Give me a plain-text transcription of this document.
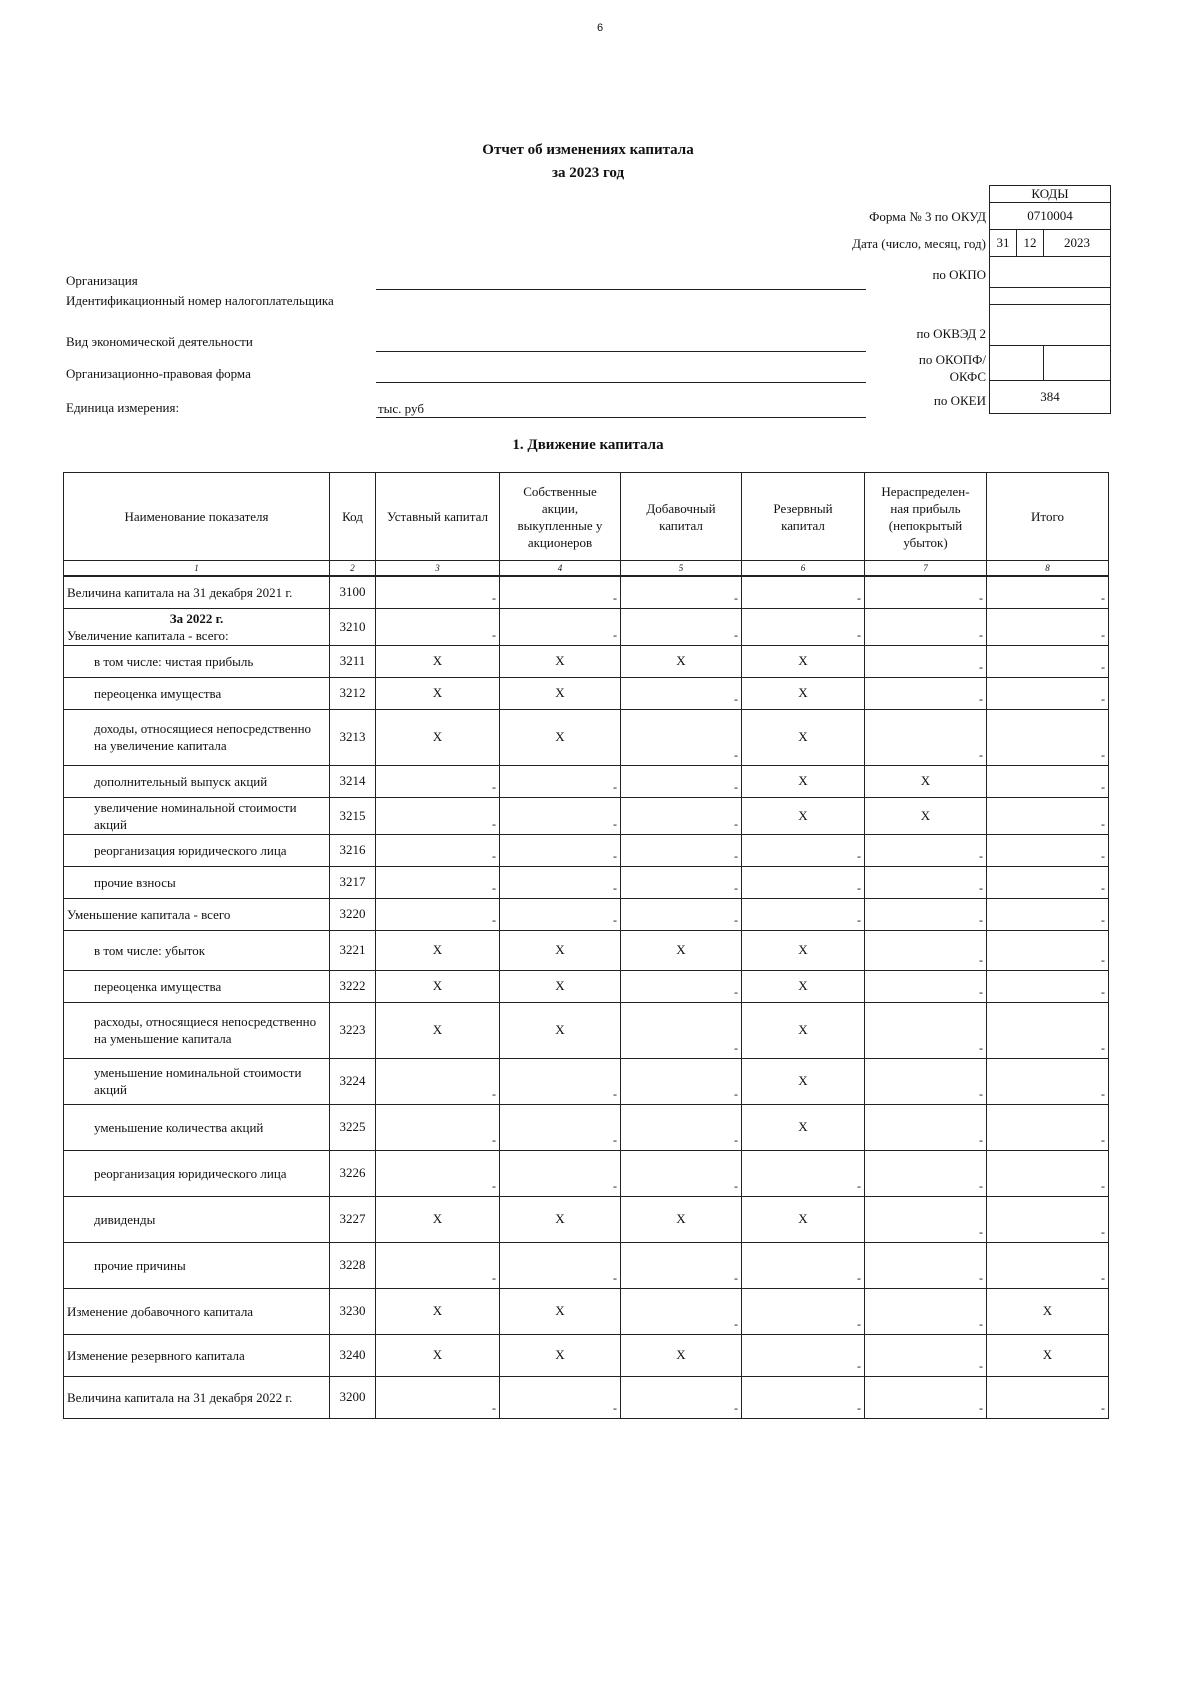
6
Отчет об изменениях капитала
за 2023 год
Форма № 3 по ОКУД
Дата (число, месяц, год)
по ОКПО
по ОКВЭД 2
по ОКОПФ/ ОКФС
по ОКЕИ
КОДЫ		
0710004		
31	12	2023

384		
Организация
Идентификационный номер налогоплательщика
Вид экономической деятельности
Организационно-правовая форма
Единица измерения:	тыс. руб
1. Движение капитала
Наименование показателя	Код	Уставный капитал	Собственные акции, выкупленные у акционеров	Добавочный капитал	Резервный капитал	Нераспределен-ная прибыль (непокрытый убыток)	Итого
1	2	3	4	5	6	7	8

Величина капитала на 31 декабря 2021 г.	3100	-	-	-	-	-	-

За 2022 г.
Увеличение капитала - всего:	3210	-	-	-	-	-	-

в том числе: чистая прибыль	3211	X	X	X	X	-	-

переоценка имущества	3212	X	X	-	X	-	-

доходы, относящиеся непосредственно на увеличение капитала	3213	X	X	-	X	-	-

дополнительный выпуск акций	3214	-	-	-	X	X	-

увеличение номинальной стоимости акций	3215	-	-	-	X	X	-

реорганизация юридического лица	3216	-	-	-	-	-	-

прочие взносы	3217	-	-	-	-	-	-

Уменьшение капитала - всего	3220	-	-	-	-	-	-

в том числе: убыток	3221	X	X	X	X	-	-

переоценка имущества	3222	X	X	-	X	-	-

расходы, относящиеся непосредственно на уменьшение капитала	3223	X	X	-	X	-	-

уменьшение номинальной стоимости акций	3224	-	-	-	X	-	-

уменьшение количества акций	3225	-	-	-	X	-	-

реорганизация юридического лица	3226	-	-	-	-	-	-

дивиденды	3227	X	X	X	X	-	-

прочие причины	3228	-	-	-	-	-	-

Изменение добавочного капитала	3230	X	X	-	-	-	X

Изменение резервного капитала	3240	X	X	X	-	-	X

Величина капитала на 31 декабря 2022 г.	3200	-	-	-	-	-	-
